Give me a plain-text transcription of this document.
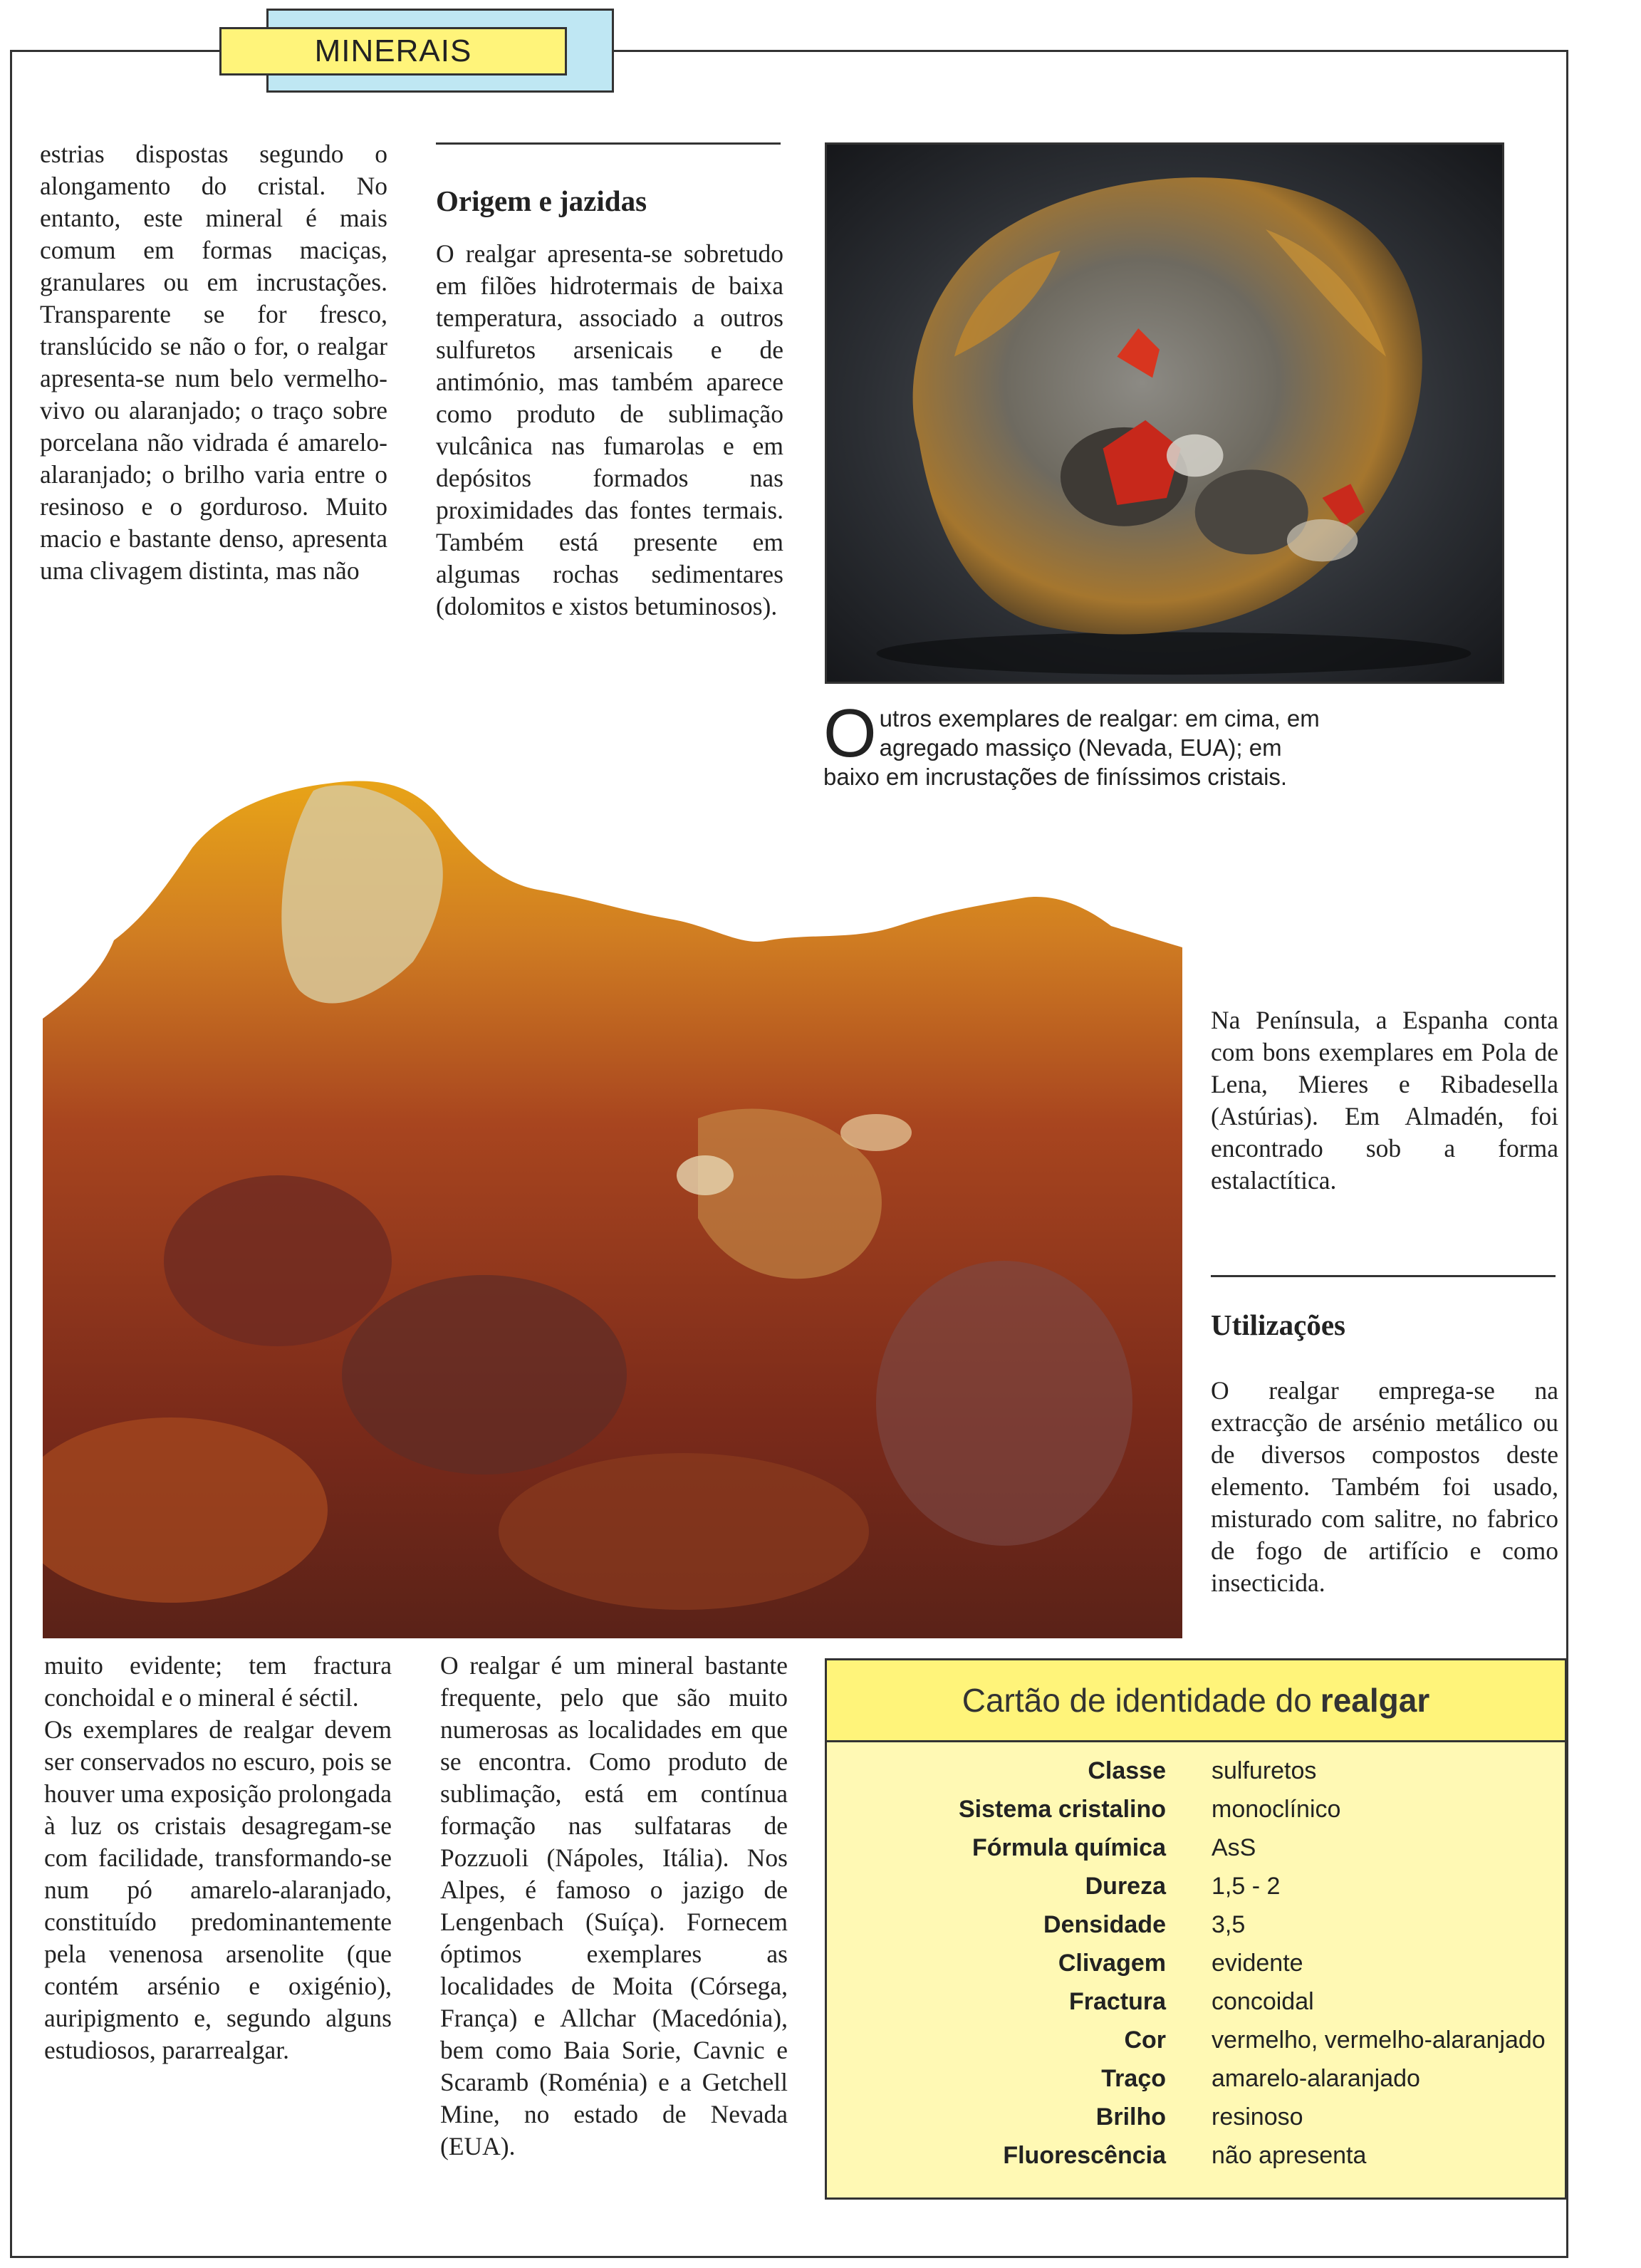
MINERAIS

estrias dispostas segundo o alongamento do cristal. No entanto, este mineral é mais comum em formas maciças, granulares ou em incrustações. Transparente se for fresco, translúcido se não o for, o realgar apresenta-se num belo vermelho-vivo ou alaranjado; o traço sobre porcelana não vidrada é amarelo-alaranjado; o brilho varia entre o resinoso e o gorduroso. Muito macio e bastante denso, apresenta uma clivagem distinta, mas não

Origem e jazidas

O realgar apresenta-se sobretudo em filões hidrotermais de baixa temperatura, associado a outros sulfuretos arsenicais e de antimónio, mas também aparece como produto de sublimação vulcânica nas fumarolas e em depósitos formados nas proximidades das fontes termais. Também está presente em algumas rochas sedimentares (dolomitos e xistos betuminosos).

Outros exemplares de realgar: em cima, em agregado massiço (Nevada, EUA); em baixo em incrustações de finíssimos cristais.

Na Península, a Espanha conta com bons exemplares em Pola de Lena, Mieres e Ribadesella (Astúrias). Em Almadén, foi encontrado sob a forma estalactítica.

Utilizações

O realgar emprega-se na extracção de arsénio metálico ou de diversos compostos deste elemento. Também foi usado, misturado com salitre, no fabrico de fogo de artifício e como insecticida.

muito evidente; tem fractura conchoidal e o mineral é séctil.

Os exemplares de realgar devem ser conservados no escuro, pois se houver uma exposição prolongada à luz os cristais desagregam-se com facilidade, transformando-se num pó amarelo-alaranjado, constituído predominantemente pela venenosa arsenolite (que contém arsénio e oxigénio), auripigmento e, segundo alguns estudiosos, pararrealgar.

O realgar é um mineral bastante frequente, pelo que são muito numerosas as localidades em que se encontra. Como produto de sublimação, está em contínua formação nas sulfataras de Pozzuoli (Nápoles, Itália). Nos Alpes, é famoso o jazigo de Lengenbach (Suíça). Fornecem óptimos exemplares as localidades de Moita (Córsega, França) e Allchar (Macedónia), bem como Baia Sorie, Cavnic e Scaramb (Roménia) e a Getchell Mine, no estado de Nevada (EUA).

Cartão de identidade do realgar
Classe sulfuretos
Sistema cristalino monoclínico
Fórmula química AsS
Dureza 1,5 - 2
Densidade 3,5
Clivagem evidente
Fractura concoidal
Cor vermelho, vermelho-alaranjado
Traço amarelo-alaranjado
Brilho resinoso
Fluorescência não apresenta
